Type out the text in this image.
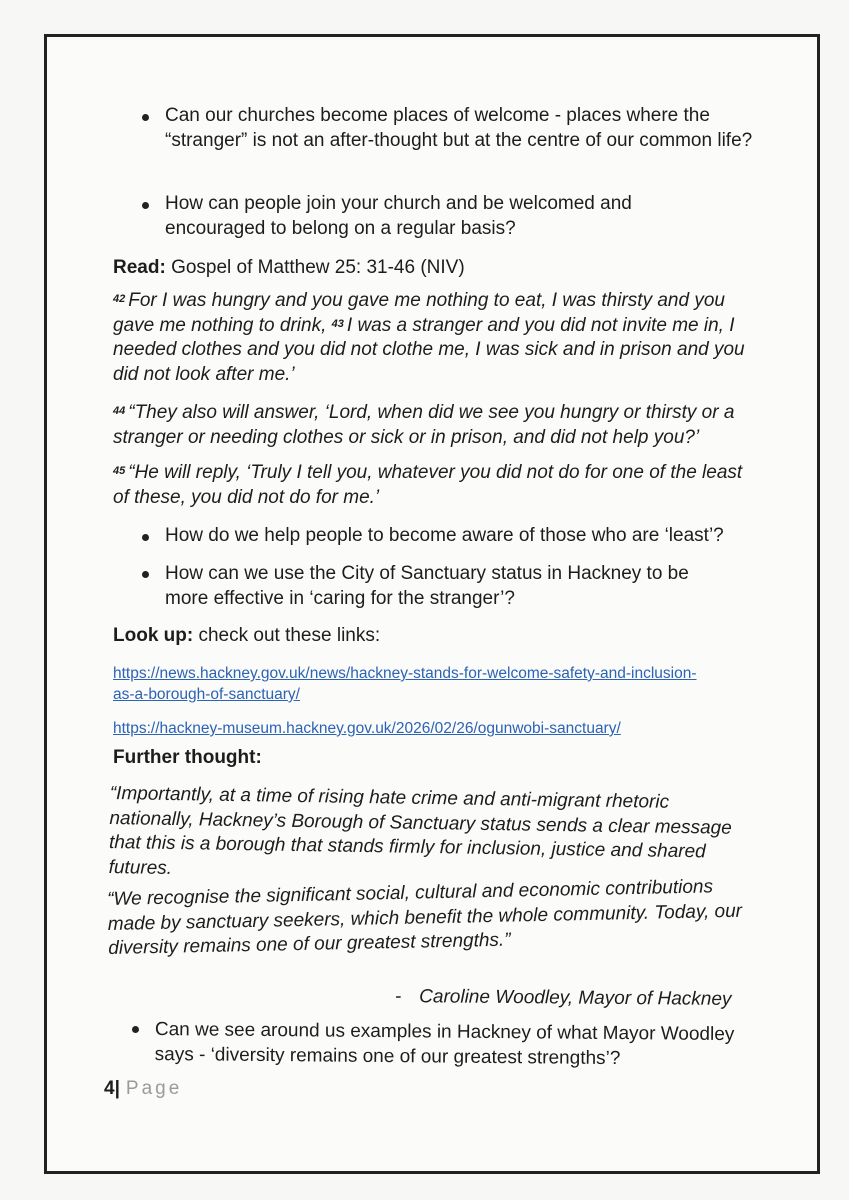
Can our churches become places of welcome - places where the “stranger” is not an after-thought but at the centre of our common life?

How can people join your church and be welcomed and encouraged to belong on a regular basis?

Read: Gospel of Matthew 25: 31-46 (NIV)

$^{42}$ For I was hungry and you gave me nothing to eat, I was thirsty and you gave me nothing to drink, $^{43}$ I was a stranger and you did not invite me in, I needed clothes and you did not clothe me, I was sick and in prison and you did not look after me.’

$^{44}$ “They also will answer, ‘Lord, when did we see you hungry or thirsty or a stranger or needing clothes or sick or in prison, and did not help you?’

$^{45}$ “He will reply, ‘Truly I tell you, whatever you did not do for one of the least of these, you did not do for me.’

How do we help people to become aware of those who are ‘least’?

How can we use the City of Sanctuary status in Hackney to be more effective in ‘caring for the stranger’?

Look up: check out these links:

https://news.hackney.gov.uk/news/hackney-stands-for-welcome-safety-and-inclusion-as-a-borough-of-sanctuary/
https://hackney-museum.hackney.gov.uk/2026/02/26/ogunwobi-sanctuary/

Further thought:

“Importantly, at a time of rising hate crime and anti-migrant rhetoric nationally, Hackney’s Borough of Sanctuary status sends a clear message that this is a borough that stands firmly for inclusion, justice and shared futures.

“We recognise the significant social, cultural and economic contributions made by sanctuary seekers, which benefit the whole community. Today, our diversity remains one of our greatest strengths.”

- Caroline Woodley, Mayor of Hackney

Can we see around us examples in Hackney of what Mayor Woodley says - ‘diversity remains one of our greatest strengths’?

4| Page
